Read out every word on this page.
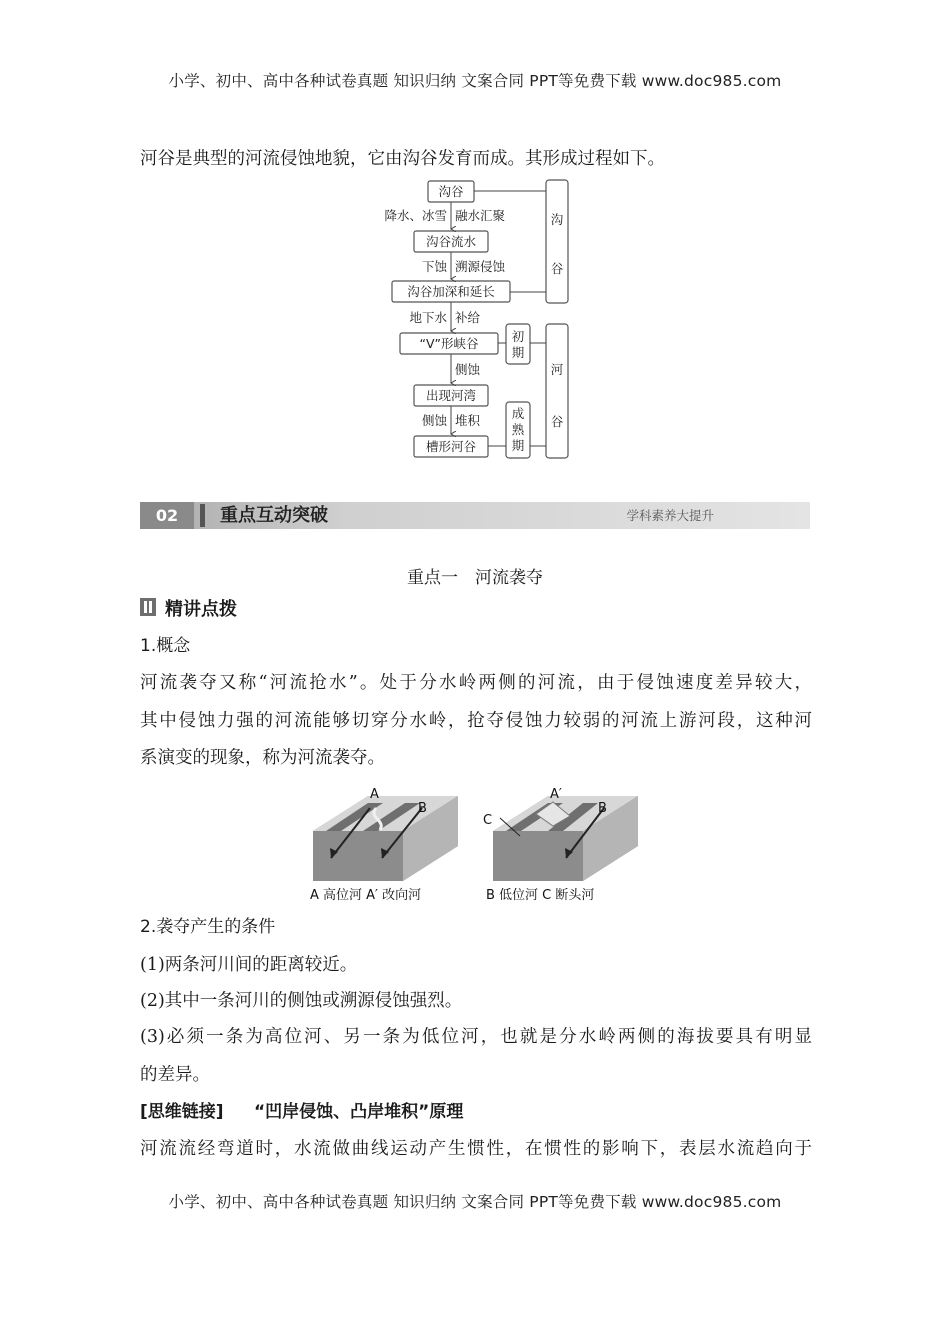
小学、初中、高中各种试卷真题 知识归纳 文案合同 PPT等免费下载 www.doc985.com

河谷是典型的河流侵蚀地貌，它由沟谷发育而成。其形成过程如下。

沟谷
沟谷流水
沟谷加深和延长
“V”形峡谷
出现河湾
槽形河谷
降水、冰雪 融水汇聚
下蚀 溯源侵蚀
地下水 补给
侧蚀
侧蚀 堆积
沟
谷
初
期
成
熟
期
河
谷
02	重点互动突破	学科素养大提升
重点一　河流袭夺
精讲点拨
1.概念

河流袭夺又称“河流抢水”。处于分水岭两侧的河流，由于侵蚀速度差异较大，

其中侵蚀力强的河流能够切穿分水岭，抢夺侵蚀力较弱的河流上游河段，这种河

系演变的现象，称为河流袭夺。

A
B
A′
B
C
A 高位河 A′ 改向河	B 低位河 C 断头河
2.袭夺产生的条件

(1)两条河川间的距离较近。

(2)其中一条河川的侧蚀或溯源侵蚀强烈。

(3)必须一条为高位河、另一条为低位河，也就是分水岭两侧的海拔要具有明显

的差异。

[思维链接] “凹岸侵蚀、凸岸堆积”原理

河流流经弯道时，水流做曲线运动产生惯性，在惯性的影响下，表层水流趋向于

小学、初中、高中各种试卷真题 知识归纳 文案合同 PPT等免费下载 www.doc985.com
